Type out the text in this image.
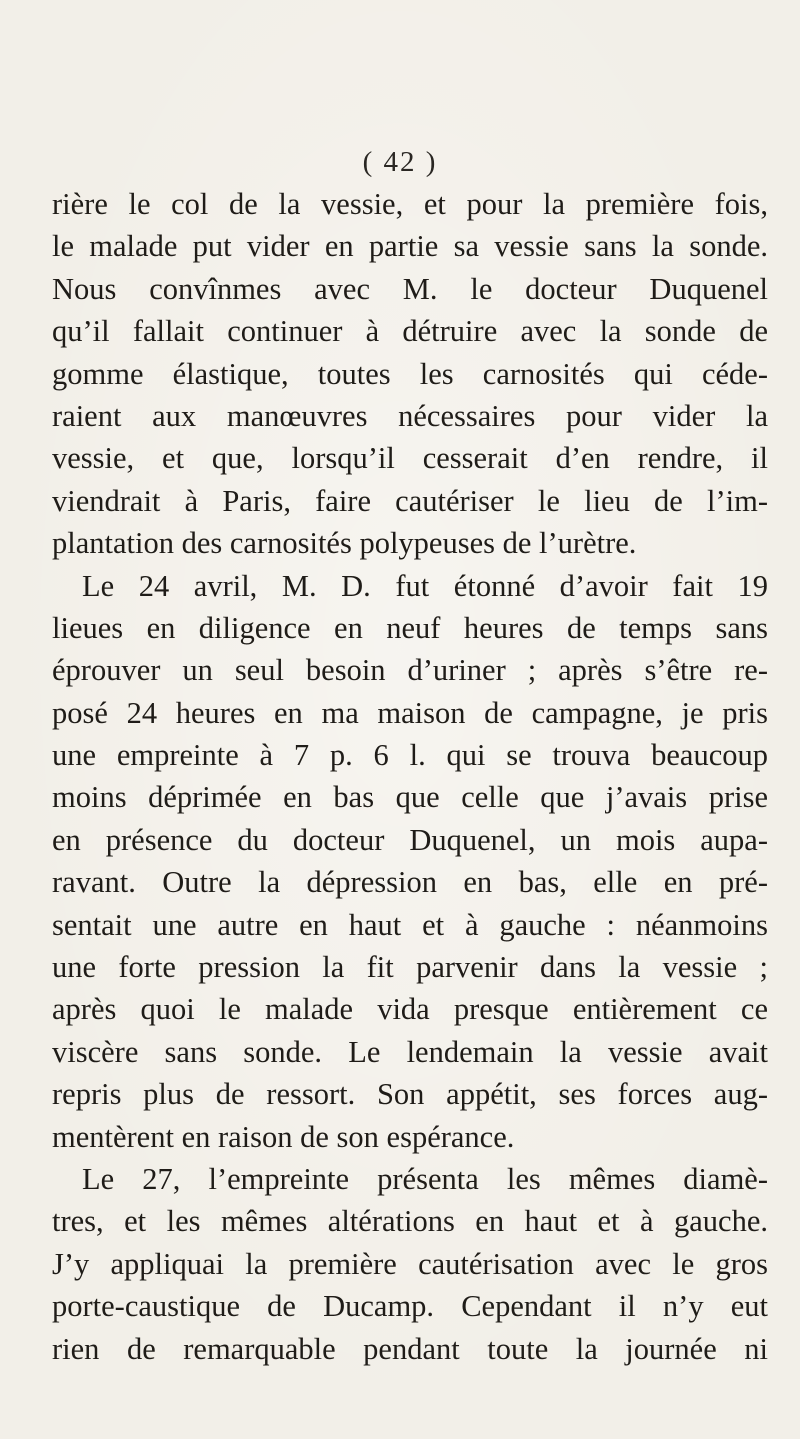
( 42 )
rière le col de la vessie, et pour la première fois,
le malade put vider en partie sa vessie sans la sonde.
Nous convînmes avec M. le docteur Duquenel
qu’il fallait continuer à détruire avec la sonde de
gomme élastique, toutes les carnosités qui céde-
raient aux manœuvres nécessaires pour vider la
vessie, et que, lorsqu’il cesserait d’en rendre, il
viendrait à Paris, faire cautériser le lieu de l’im-
plantation des carnosités polypeuses de l’urètre.
Le 24 avril, M. D. fut étonné d’avoir fait 19
lieues en diligence en neuf heures de temps sans
éprouver un seul besoin d’uriner ; après s’être re-
posé 24 heures en ma maison de campagne, je pris
une empreinte à 7 p. 6 l. qui se trouva beaucoup
moins déprimée en bas que celle que j’avais prise
en présence du docteur Duquenel, un mois aupa-
ravant. Outre la dépression en bas, elle en pré-
sentait une autre en haut et à gauche : néanmoins
une forte pression la fit parvenir dans la vessie ;
après quoi le malade vida presque entièrement ce
viscère sans sonde. Le lendemain la vessie avait
repris plus de ressort. Son appétit, ses forces aug-
mentèrent en raison de son espérance.
Le 27, l’empreinte présenta les mêmes diamè-
tres, et les mêmes altérations en haut et à gauche.
J’y appliquai la première cautérisation avec le gros
porte-caustique de Ducamp. Cependant il n’y eut
rien de remarquable pendant toute la journée ni
